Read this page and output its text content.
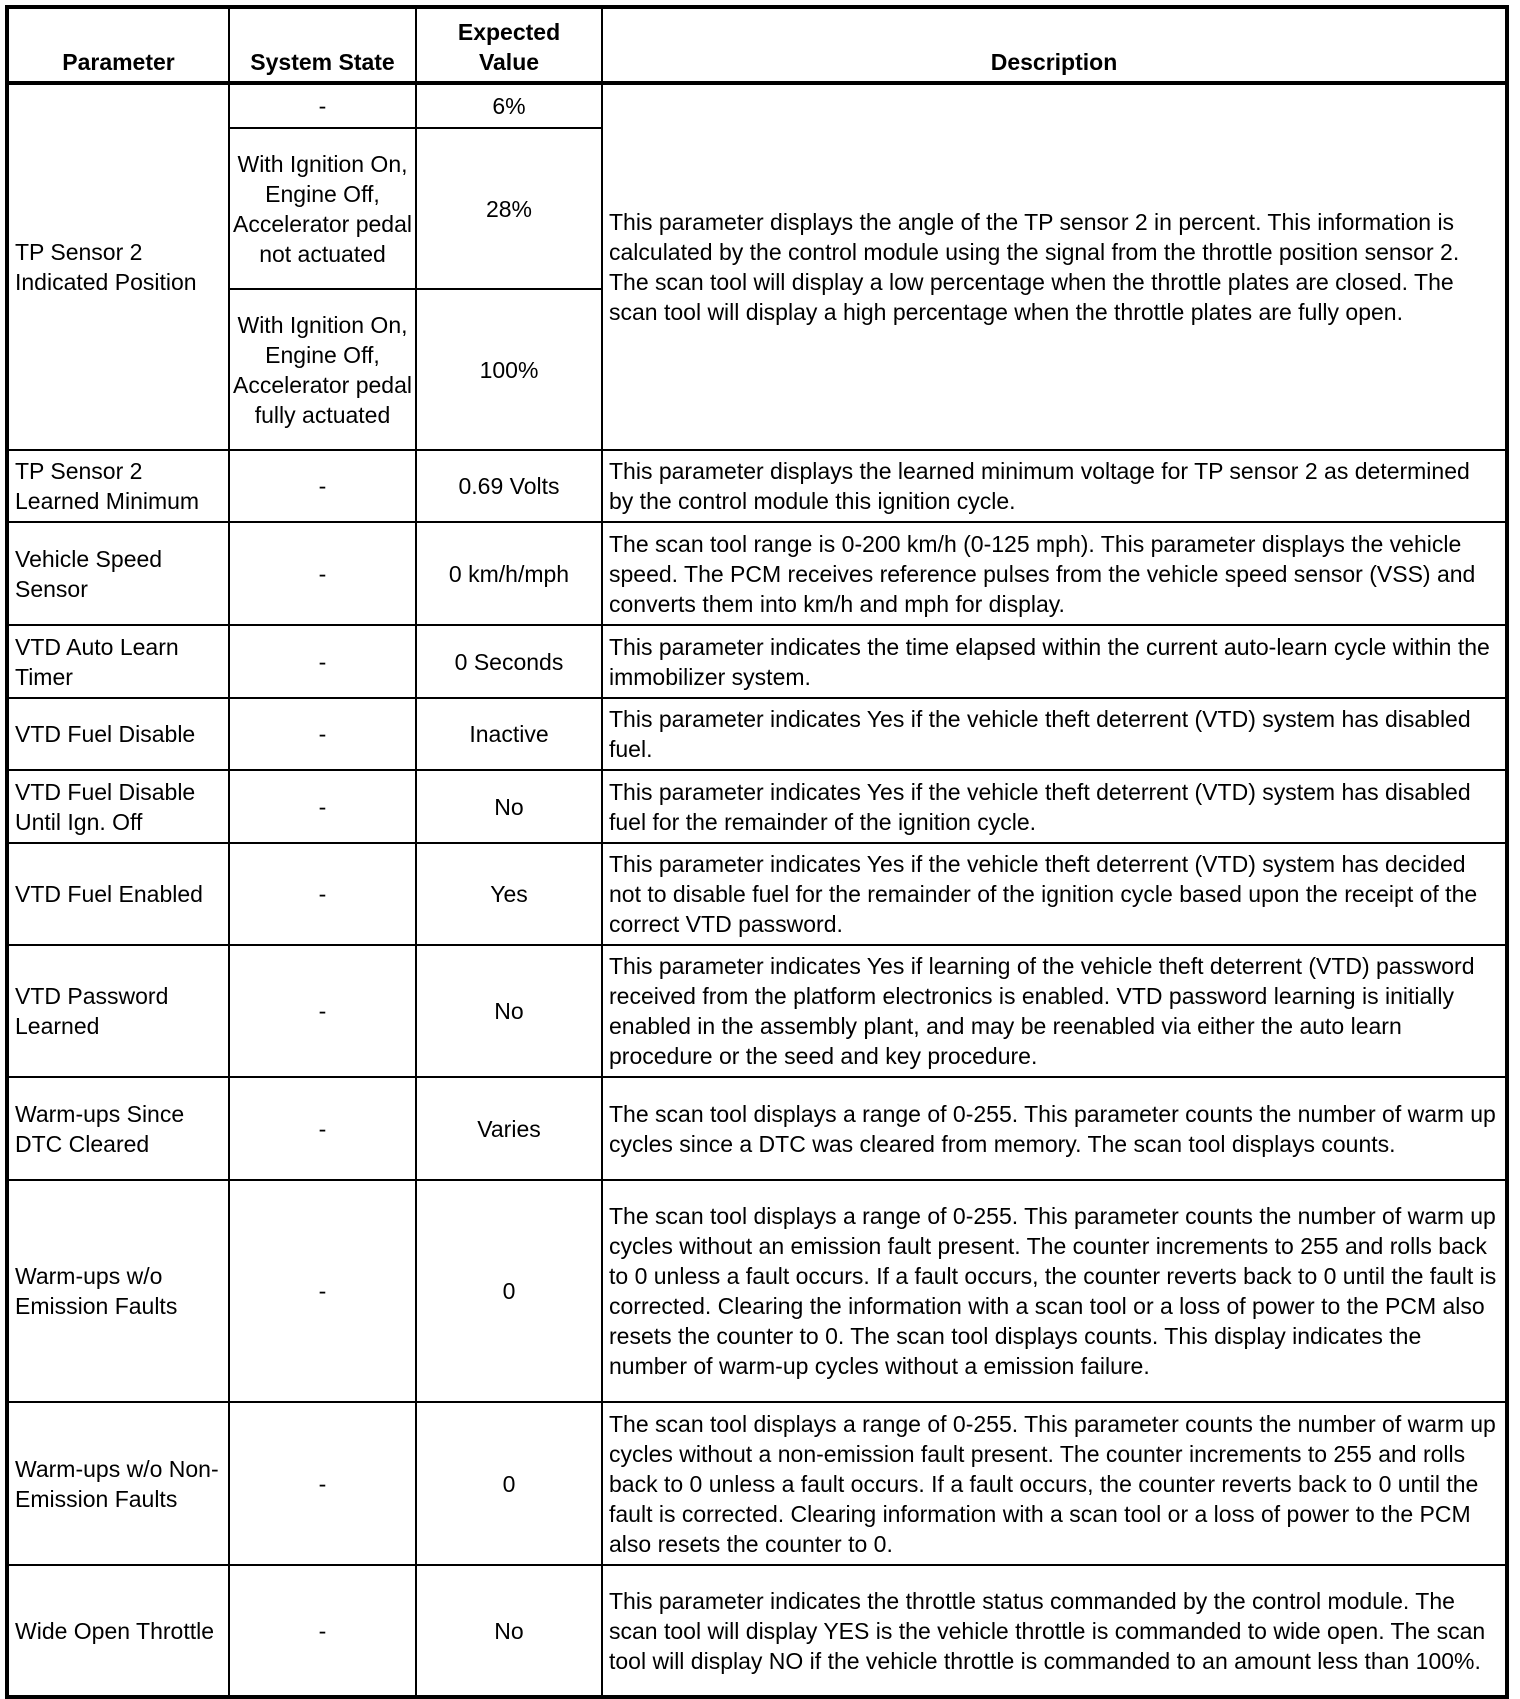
Parameter	System State	Expected Value	Description
TP Sensor 2 Indicated Position	-	6%	This parameter displays the angle of the TP sensor 2 in percent. This information is calculated by the control module using the signal from the throttle position sensor 2. The scan tool will display a low percentage when the throttle plates are closed. The scan tool will display a high percentage when the throttle plates are fully open.
	With Ignition On, Engine Off, Accelerator pedal not actuated	28%	
	With Ignition On, Engine Off, Accelerator pedal fully actuated	100%	
TP Sensor 2 Learned Minimum	-	0.69 Volts	This parameter displays the learned minimum voltage for TP sensor 2 as determined by the control module this ignition cycle.
Vehicle Speed Sensor	-	0 km/h/mph	The scan tool range is 0-200 km/h (0-125 mph). This parameter displays the vehicle speed. The PCM receives reference pulses from the vehicle speed sensor (VSS) and converts them into km/h and mph for display.
VTD Auto Learn Timer	-	0 Seconds	This parameter indicates the time elapsed within the current auto-learn cycle within the immobilizer system.
VTD Fuel Disable	-	Inactive	This parameter indicates Yes if the vehicle theft deterrent (VTD) system has disabled fuel.
VTD Fuel Disable Until Ign. Off	-	No	This parameter indicates Yes if the vehicle theft deterrent (VTD) system has disabled fuel for the remainder of the ignition cycle.
VTD Fuel Enabled	-	Yes	This parameter indicates Yes if the vehicle theft deterrent (VTD) system has decided not to disable fuel for the remainder of the ignition cycle based upon the receipt of the correct VTD password.
VTD Password Learned	-	No	This parameter indicates Yes if learning of the vehicle theft deterrent (VTD) password received from the platform electronics is enabled. VTD password learning is initially enabled in the assembly plant, and may be reenabled via either the auto learn procedure or the seed and key procedure.
Warm-ups Since DTC Cleared	-	Varies	The scan tool displays a range of 0-255. This parameter counts the number of warm up cycles since a DTC was cleared from memory. The scan tool displays counts.
Warm-ups w/o Emission Faults	-	0	The scan tool displays a range of 0-255. This parameter counts the number of warm up cycles without an emission fault present. The counter increments to 255 and rolls back to 0 unless a fault occurs. If a fault occurs, the counter reverts back to 0 until the fault is corrected. Clearing the information with a scan tool or a loss of power to the PCM also resets the counter to 0. The scan tool displays counts. This display indicates the number of warm-up cycles without a emission failure.
Warm-ups w/o Non-Emission Faults	-	0	The scan tool displays a range of 0-255. This parameter counts the number of warm up cycles without a non-emission fault present. The counter increments to 255 and rolls back to 0 unless a fault occurs. If a fault occurs, the counter reverts back to 0 until the fault is corrected. Clearing information with a scan tool or a loss of power to the PCM also resets the counter to 0.
Wide Open Throttle	-	No	This parameter indicates the throttle status commanded by the control module. The scan tool will display YES is the vehicle throttle is commanded to wide open. The scan tool will display NO if the vehicle throttle is commanded to an amount less than 100%.
